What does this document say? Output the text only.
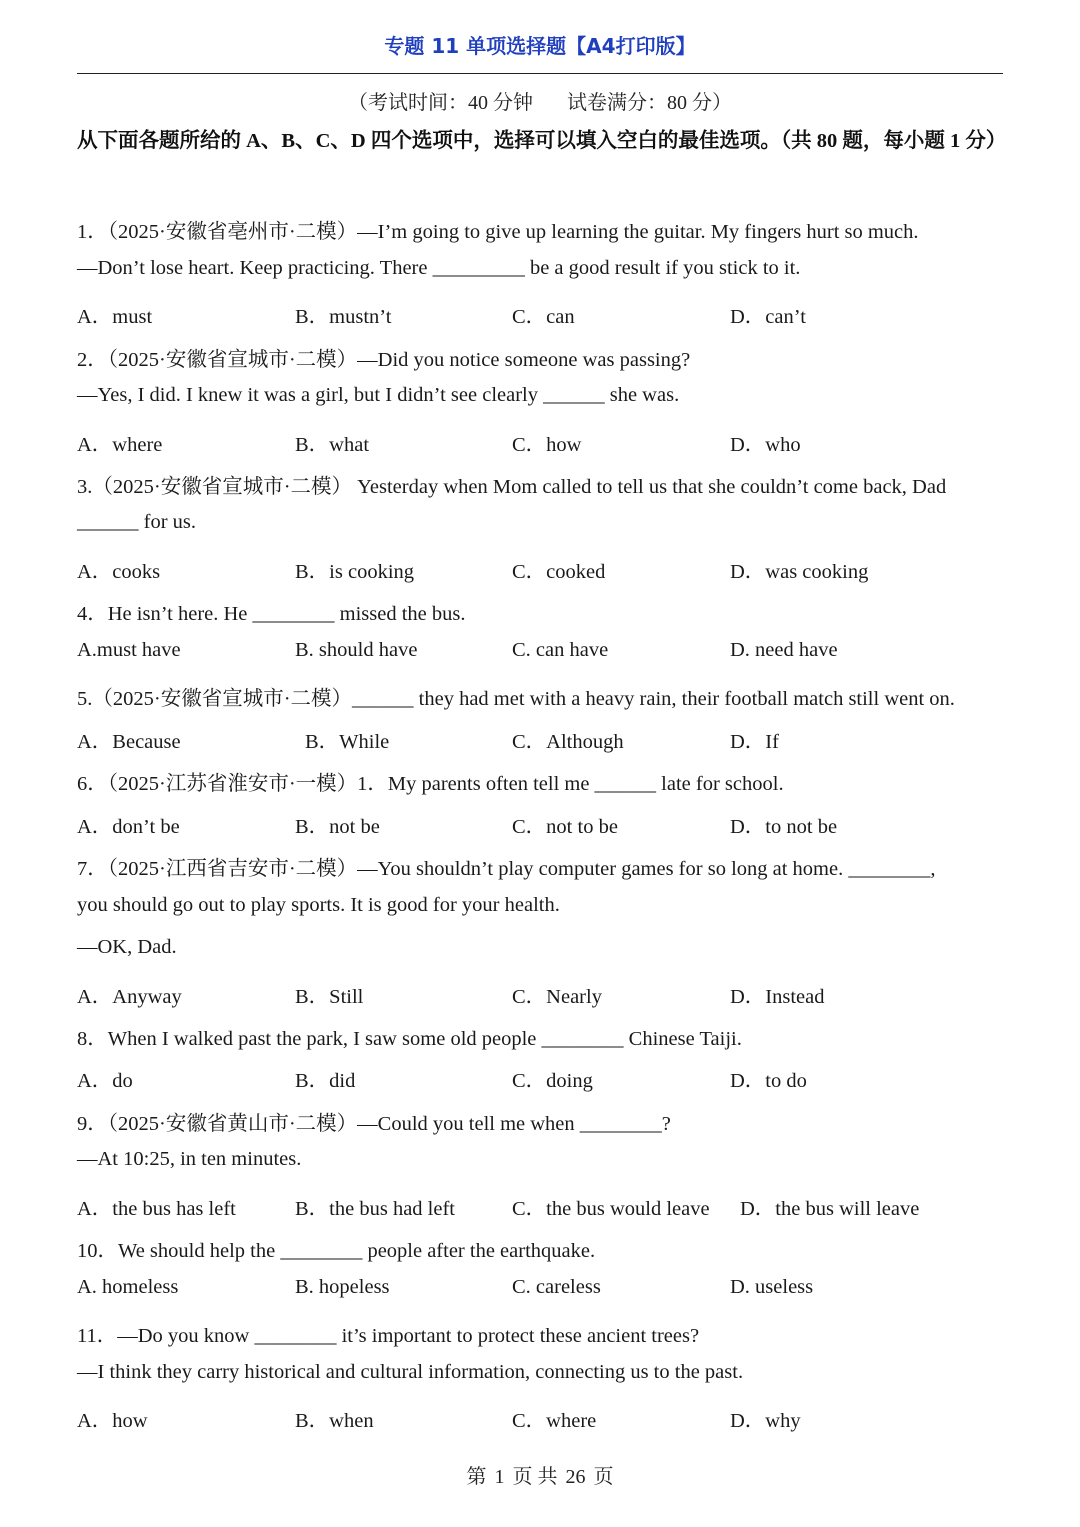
专题 11 单项选择题【A4打印版】
（考试时间：40 分钟 试卷满分：80 分）
从下面各题所给的 A、B、C、D 四个选项中，选择可以填入空白的最佳选项。（共 80 题，每小题 1 分）
1．（2025·安徽省亳州市·二模）—I’m going to give up learning the guitar. My fingers hurt so much.
—Don’t lose heart. Keep practicing. There _________ be a good result if you stick to it.
A．must	B．mustn’t	C．can	D．can’t
2．（2025·安徽省宣城市·二模）—Did you notice someone was passing?
—Yes, I did. I knew it was a girl, but I didn’t see clearly ______ she was.
A．where	B．what	C．how	D．who
3.（2025·安徽省宣城市·二模） Yesterday when Mom called to tell us that she couldn’t come back, Dad
______ for us.
A．cooks	B．is cooking	C．cooked	D．was cooking
4．He isn’t here. He ________ missed the bus.
A.must have	B. should have	C. can have	D. need have
5.（2025·安徽省宣城市·二模）______ they had met with a heavy rain, their football match still went on.
A．Because	B．While	C．Although	D．If
6．（2025·江苏省淮安市·一模）1．My parents often tell me ______ late for school.
A．don’t be	B．not be	C．not to be	D．to not be
7．（2025·江西省吉安市·二模）—You shouldn’t play computer games for so long at home. ________,
you should go out to play sports. It is good for your health.
—OK, Dad.
A．Anyway	B．Still	C．Nearly	D．Instead
8．When I walked past the park, I saw some old people ________ Chinese Taiji.
A．do	B．did	C．doing	D．to do
9．（2025·安徽省黄山市·二模）—Could you tell me when ________?
—At 10:25, in ten minutes.
A．the bus has left	B．the bus had left	C．the bus would leave D．the bus will leave
10．We should help the ________ people after the earthquake.
A. homeless	B. hopeless	C. careless	D. useless
11．—Do you know ________ it’s important to protect these ancient trees?
—I think they carry historical and cultural information, connecting us to the past.
A．how	B．when	C．where	D．why
第 1 页 共 26 页
